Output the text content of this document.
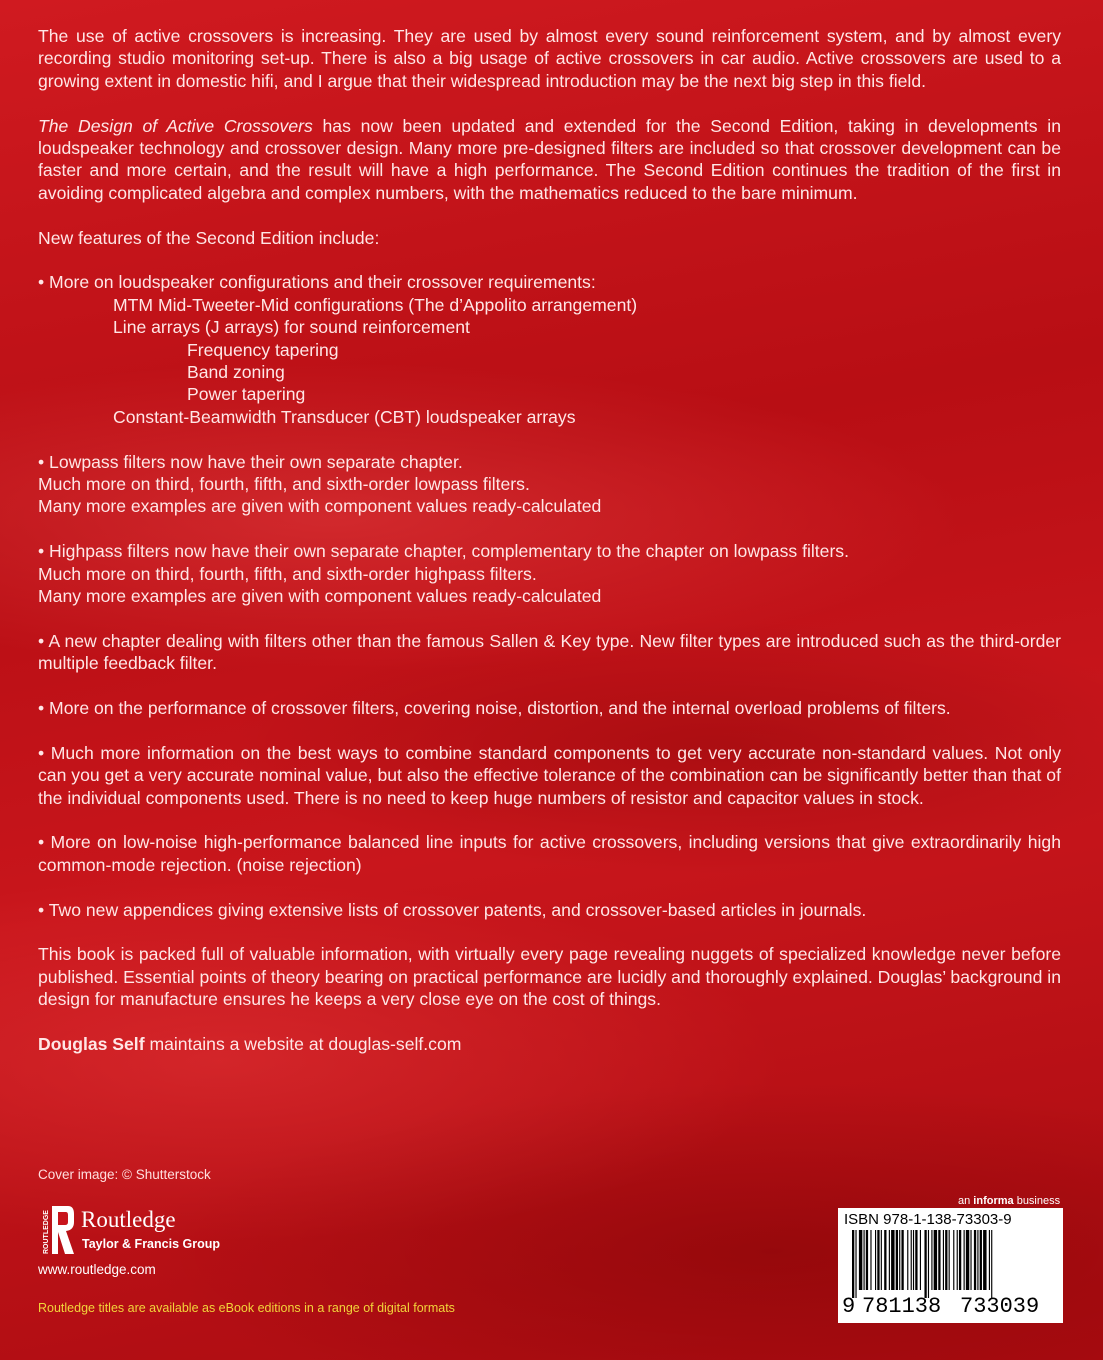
The use of active crossovers is increasing. They are used by almost every sound reinforcement system, and by almost every recording studio monitoring set-up. There is also a big usage of active crossovers in car audio. Active crossovers are used to a growing extent in domestic hifi, and I argue that their widespread introduction may be the next big step in this field.

The Design of Active Crossovers has now been updated and extended for the Second Edition, taking in developments in loudspeaker technology and crossover design. Many more pre-designed filters are included so that crossover development can be faster and more certain, and the result will have a high performance. The Second Edition continues the tradition of the first in avoiding complicated algebra and complex numbers, with the mathematics reduced to the bare minimum.

New features of the Second Edition include:

• More on loudspeaker configurations and their crossover requirements:
MTM Mid-Tweeter-Mid configurations (The d’Appolito arrangement)
Line arrays (J arrays) for sound reinforcement
Frequency tapering
Band zoning
Power tapering
Constant-Beamwidth Transducer (CBT) loudspeaker arrays
• Lowpass filters now have their own separate chapter.
Much more on third, fourth, fifth, and sixth-order lowpass filters.
Many more examples are given with component values ready-calculated
• Highpass filters now have their own separate chapter, complementary to the chapter on lowpass filters.
Much more on third, fourth, fifth, and sixth-order highpass filters.
Many more examples are given with component values ready-calculated

• A new chapter dealing with filters other than the famous Sallen & Key type. New filter types are introduced such as the third-order multiple feedback filter.

• More on the performance of crossover filters, covering noise, distortion, and the internal overload problems of filters.

• Much more information on the best ways to combine standard components to get very accurate non-standard values. Not only can you get a very accurate nominal value, but also the effective tolerance of the combination can be significantly better than that of the individual components used. There is no need to keep huge numbers of resistor and capacitor values in stock.

• More on low-noise high-performance balanced line inputs for active crossovers, including versions that give extraordinarily high common-mode rejection. (noise rejection)

• Two new appendices giving extensive lists of crossover patents, and crossover-based articles in journals.

This book is packed full of valuable information, with virtually every page revealing nuggets of specialized knowledge never before published. Essential points of theory bearing on practical performance are lucidly and thoroughly explained. Douglas’ background in design for manufacture ensures he keeps a very close eye on the cost of things.

Douglas Self maintains a website at douglas-self.com

Cover image: © Shutterstock
ROUTLEDGE Routledge
Taylor & Francis Group
www.routledge.com
Routledge titles are available as eBook editions in a range of digital formats
an informa business
ISBN 978-1-138-73303-9
9 781138 733039
